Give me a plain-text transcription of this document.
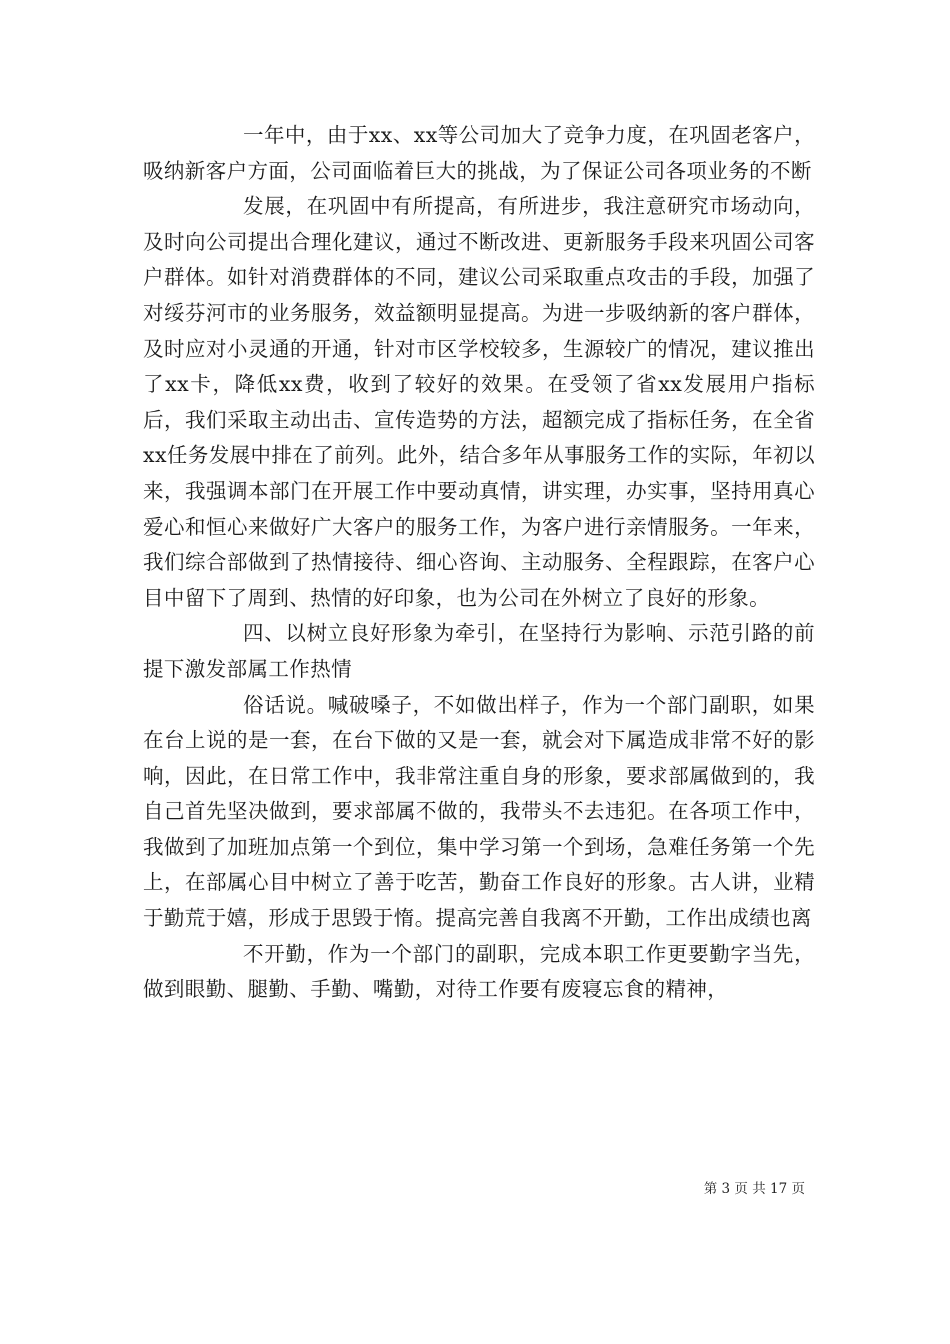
一年中，由于xx、xx等公司加大了竞争力度，在巩固老客户，吸纳新客户方面，公司面临着巨大的挑战，为了保证公司各项业务的不断

发展，在巩固中有所提高，有所进步，我注意研究市场动向，及时向公司提出合理化建议，通过不断改进、更新服务手段来巩固公司客户群体。如针对消费群体的不同，建议公司采取重点攻击的手段，加强了对绥芬河市的业务服务，效益额明显提高。为进一步吸纳新的客户群体，及时应对小灵通的开通，针对市区学校较多，生源较广的情况，建议推出了xx卡，降低xx费，收到了较好的效果。在受领了省xx发展用户指标后，我们采取主动出击、宣传造势的方法，超额完成了指标任务，在全省xx任务发展中排在了前列。此外，结合多年从事服务工作的实际，年初以来，我强调本部门在开展工作中要动真情，讲实理，办实事，坚持用真心爱心和恒心来做好广大客户的服务工作，为客户进行亲情服务。一年来，我们综合部做到了热情接待、细心咨询、主动服务、全程跟踪，在客户心目中留下了周到、热情的好印象，也为公司在外树立了良好的形象。

四、以树立良好形象为牵引，在坚持行为影响、示范引路的前提下激发部属工作热情

俗话说。喊破嗓子，不如做出样子，作为一个部门副职，如果在台上说的是一套，在台下做的又是一套，就会对下属造成非常不好的影响，因此，在日常工作中，我非常注重自身的形象，要求部属做到的，我自己首先坚决做到，要求部属不做的，我带头不去违犯。在各项工作中，我做到了加班加点第一个到位，集中学习第一个到场，急难任务第一个先上，在部属心目中树立了善于吃苦，勤奋工作良好的形象。古人讲，业精于勤荒于嬉，形成于思毁于惰。提高完善自我离不开勤，工作出成绩也离

不开勤，作为一个部门的副职，完成本职工作更要勤字当先，做到眼勤、腿勤、手勤、嘴勤，对待工作要有废寝忘食的精神，

第 3 页 共 17 页
